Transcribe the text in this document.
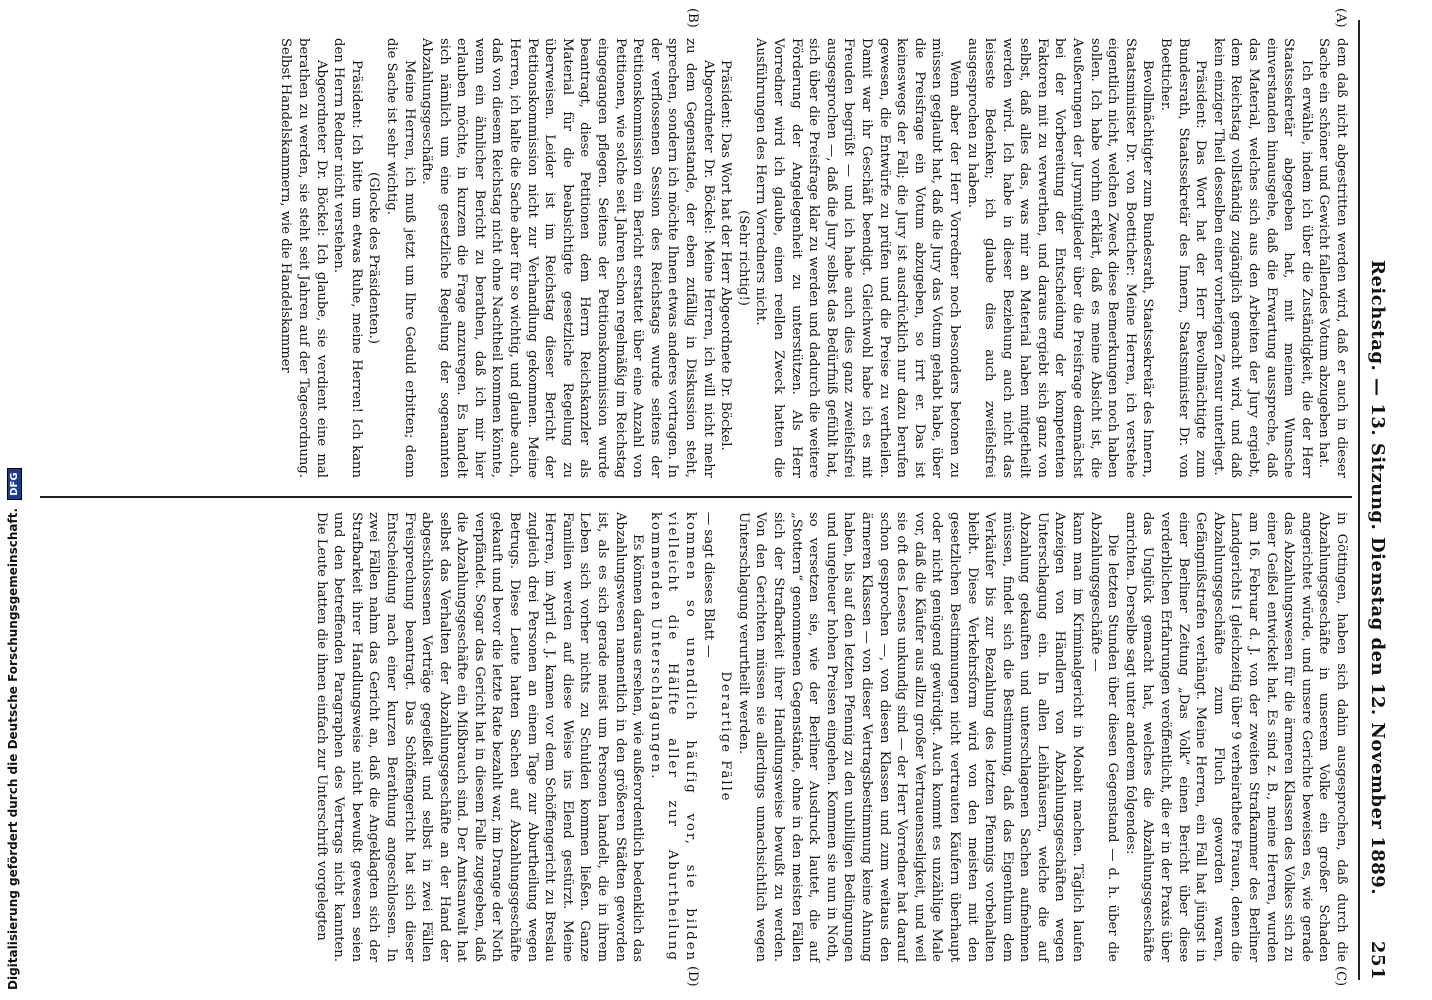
Reichstag. — 13. Sitzung. Dienstag den 12. November 1889.
251
(A)
(B)
(C)
(D)

dem daß nicht abgestritten werden wird, daß er auch in dieser Sache ein schöner und Gewicht fallendes Votum abzugeben hat.

Ich erwähle, indem ich über die Zuständigkeit, die der Herr Staatssekretär abgegeben hat, mit meinem Wunsche einverstanden hinausgehe, daß die Erwartung ausspreche, daß das Material, welches sich aus den Arbeiten der Jury ergiebt, dem Reichstag vollständig zugänglich gemacht wird, und daß kein einziger Theil desselben einer vorherigen Zensur unterliegt.

Präsident: Das Wort hat der Herr Bevollmächtigte zum Bundesrath, Staatssekretär des Innern, Staatsminister Dr. von Boetticher.

Bevollmächtigter zum Bundesrath, Staatssekretär des Innern, Staatsminister Dr. von Boetticher: Meine Herren, ich verstehe eigentlich nicht, welchen Zweck diese Bemerkungen noch haben sollen. Ich habe vorhin erklärt, daß es meine Absicht ist, die Aeußerungen der Jurymitglieder über die Preisfrage demnächst bei der Vorbereitung der Entscheidung der kompetenten Faktoren mit zu verwerthen, und daraus ergiebt sich ganz von selbst, daß alles das, was mir an Material haben mitgetheilt werden wird. Ich habe in dieser Beziehung auch nicht das leiseste Bedenken; ich glaube dies auch zweifelsfrei ausgesprochen zu haben.

Wenn aber der Herr Vorredner noch besonders betonen zu müssen geglaubt hat, daß die Jury das Votum gehabt habe, über die Preisfrage ein Votum abzugeben, so irrt er. Das ist keineswegs der Fall; die Jury ist ausdrücklich nur dazu berufen gewesen, die Entwürfe zu prüfen und die Preise zu vertheilen. Damit war ihr Geschäft beendigt. Gleichwohl habe ich es mit Freuden begrüßt — und ich habe auch dies ganz zweifelsfrei ausgesprochen —, daß die Jury selbst das Bedürfniß gefühlt hat, sich über die Preisfrage klar zu werden und dadurch die weitere Förderung der Angelegenheit zu unterstützen. Als Herr Vorredner wird ich glaube, einen reellen Zweck hatten die Ausführungen des Herrn Vorredners nicht.

(Sehr richtig!)

Präsident: Das Wort hat der Herr Abgeordnete Dr. Böckel.

Abgeordneter Dr. Böckel: Meine Herren, ich will nicht mehr zu dem Gegenstande, der eben zufällig in Diskussion steht, sprechen, sondern ich möchte Ihnen etwas anderes vortragen. In der verflossenen Session des Reichstags wurde seitens der Petitionskommission ein Bericht erstattet über eine Anzahl von Petitionen, wie solche seit Jahren schon regelmäßig im Reichstag eingegangen pflegen. Seitens der Petitionskommission wurde beantragt, diese Petitionen dem Herrn Reichskanzler als Material für die beabsichtigte gesetzliche Regelung zu überweisen. Leider ist im Reichstag dieser Bericht der Petitionskommission nicht zur Verhandlung gekommen. Meine Herren, ich halte die Sache aber für so wichtig, und glaube auch, daß von diesem Reichstag nicht ohne Nachtheil kommen könnte, wenn ein ähnlicher Bericht zu berathen, daß ich mir hier erlauben möchte, in kurzem die Frage anzuregen. Es handelt sich nämlich um eine gesetzliche Regelung der sogenannten Abzahlungsgeschäfte.

Meine Herren, ich muß jetzt um Ihre Geduld erbitten; denn die Sache ist sehr wichtig.

(Glocke des Präsidenten.)

Präsident: Ich bitte um etwas Ruhe, meine Herren! Ich kann den Herrn Redner nicht verstehen.

Abgeordneter Dr. Böckel: Ich glaube, sie verdient eine mal berathen zu werden, sie steht seit Jahren auf der Tagesordnung. Selbst Handelskammern, wie die Handelskammer

in Göttingen, haben sich dahin ausgesprochen, daß durch die Abzahlungsgeschäfte in unserem Volke ein großer Schaden angerichtet würde, und unsere Gerichte beweisen es, wie gerade das Abzahlungswesen für die ärmeren Klassen des Volkes sich zu einer Geißel entwickelt hat. Es sind z. B., meine Herren, wurden am 16. Februar d. J. von der zweiten Strafkammer des Berliner Landgerichts I gleichzeitig über 9 verheirathete Frauen, denen die Abzahlungsgeschäfte zum Fluch geworden waren, Gefängnißstrafen verhängt. Meine Herren, ein Fall hat jüngst in einer Berliner Zeitung „Das Volk“ einen Bericht über diese verderblichen Erfahrungen veröffentlicht, die er in der Praxis über das Unglück gemacht hat, welches die Abzahlungsgeschäfte anrichten. Derselbe sagt unter anderem folgendes:

Die letzten Stunden über diesen Gegenstand — d. h. über die Abzahlungsgeschäfte —

kann man im Kriminalgericht in Moabit machen. Täglich laufen Anzeigen von Händlern von Abzahlungsgeschäften wegen Unterschlagung ein. In allen Leihhäusern, welche die auf Abzahlung gekauften und unterschlagenen Sachen aufnehmen müssen, findet sich die Bestimmung, daß das Eigenthum dem Verkäufer bis zur Bezahlung des letzten Pfennigs vorbehalten bleibt. Diese Verkehrsform wird von den meisten mit den gesetzlichen Bestimmungen nicht vertrauten Käufern überhaupt oder nicht genügend gewürdigt. Auch kommt es unzählige Male vor, daß die Käufer aus allzu großer Vertrauensseligkeit, und weil sie oft des Lesens unkundig sind — der Herr Vorredner hat darauf schon gesprochen —, von diesen Klassen und zum weitaus den ärmeren Klassen — von dieser Vertragsbestimmung keine Ahnung haben, bis auf den letzten Pfennig zu den unbilligen Bedingungen und ungeheuer hohen Preisen eingehen. Kommen sie nun in Noth, so versetzen sie, wie der Berliner Ausdruck lautet, die auf „Stottern“ genommenen Gegenstände, ohne in den meisten Fällen sich der Strafbarkeit ihrer Handlungsweise bewußt zu werden. Von den Gerichten müssen sie allerdings unnachsichtlich wegen Unterschlagung verurtheilt werden.

Derartige Fälle

— sagt dieses Blatt —

kommen so unendlich häufig vor, sie bilden vielleicht die Hälfte aller zur Aburtheilung kommenden Unterschlagungen.

Es können daraus ersehen, wie außerordentlich bedenklich das Abzahlungswesen namentlich in den größeren Städten geworden ist, als es sich gerade meist um Personen handelt, die in ihrem Leben sich vorher nichts zu Schulden kommen ließen. Ganze Familien werden auf diese Weise ins Elend gestürzt. Meine Herren, im April d. J. kamen vor dem Schöffengericht zu Breslau zugleich drei Personen an einem Tage zur Aburtheilung wegen Betrugs. Diese Leute hatten Sachen auf Abzahlungsgeschäfte gekauft und bevor die letzte Rate bezahlt war, im Drange der Noth verpfändet. Sogar das Gericht hat in diesem Falle zugegeben, daß die Abzahlungsgeschäfte ein Mißbrauch sind. Der Amtsanwalt hat selbst das Verhalten der Abzahlungsgeschäfte an der Hand der abgeschlossenen Verträge gegeißelt und selbst in zwei Fällen Freisprechung beantragt. Das Schöffengericht hat sich dieser Entscheidung nach einer kurzen Berathung angeschlossen. In zwei Fällen nahm das Gericht an, daß die Angeklagten sich der Strafbarkeit ihrer Handlungsweise nicht bewußt gewesen seien und den betreffenden Paragraphen des Vertrags nicht kannten. Die Leute hatten die ihnen einfach zur Unterschrift vorgelegten

Digitalisierung gefördert durch die Deutsche Forschungsgemeinschaft. DFG
